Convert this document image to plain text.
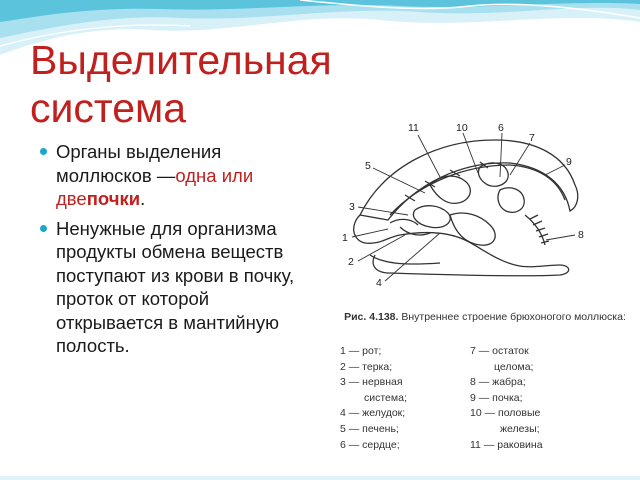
Выделительная
система
Органы выделения моллюсков —одна или двепочки.
Ненужные для организма продукты обмена веществ поступают из крови в почку, проток от которой открывается в мантийную полость.
11	10	6
7
5	9
3
8
1
2
4
Рис. 4.138. Внутреннее строение брюхоногого моллюска:
1 — рот;
2 — терка;
3 — нервная
система;
4 — желудок;
5 — печень;
6 — сердце;
7 — остаток
целома;
8 — жабра;
9 — почка;
10 — половые
железы;
11 — раковина
